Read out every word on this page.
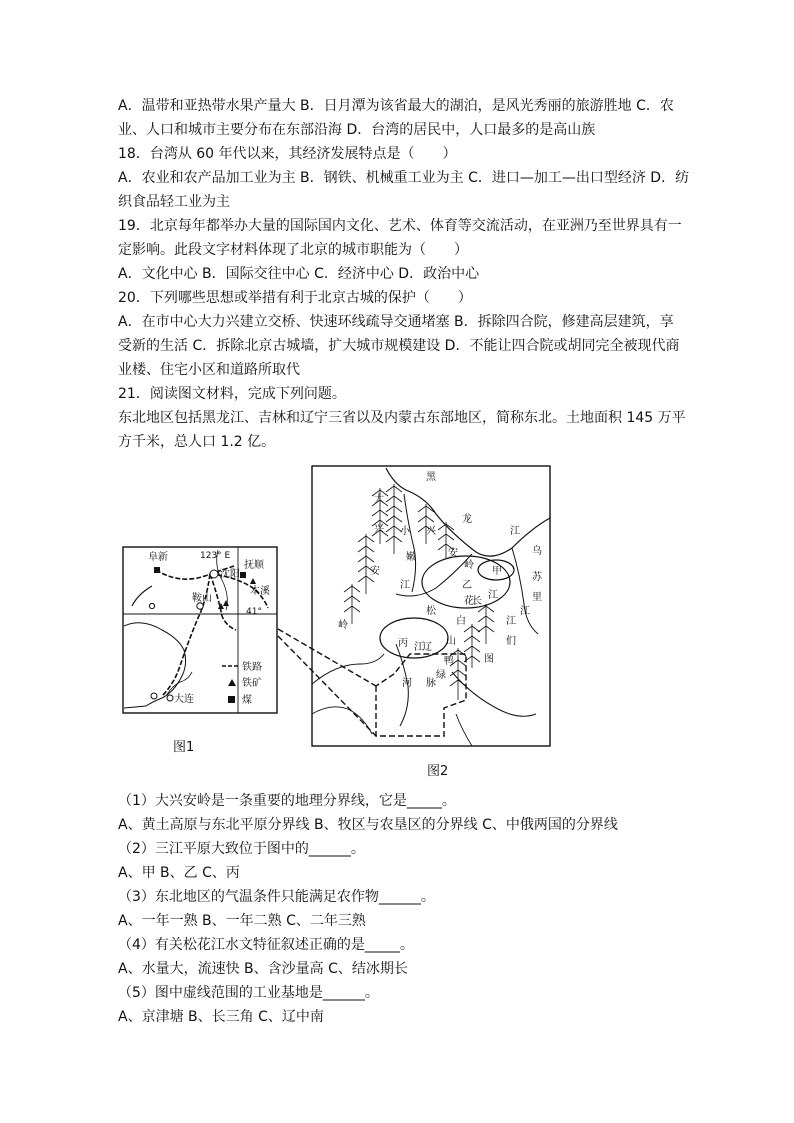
A．温带和亚热带水果产量大 B．日月潭为该省最大的湖泊，是风光秀丽的旅游胜地 C．农
业、人口和城市主要分布在东部沿海 D．台湾的居民中，人口最多的是高山族
18．台湾从 60 年代以来，其经济发展特点是（　　）
A．农业和农产品加工业为主 B．钢铁、机械重工业为主 C．进口—加工—出口型经济 D．纺
织食品轻工业为主
19．北京每年都举办大量的国际国内文化、艺术、体育等交流活动，在亚洲乃至世界具有一
定影响。此段文字材料体现了北京的城市职能为（　　）
A．文化中心 B．国际交往中心 C．经济中心 D．政治中心
20．下列哪些思想或举措有利于北京古城的保护（　　）
A．在市中心大力兴建立交桥、快速环线疏导交通堵塞 B．拆除四合院，修建高层建筑，享
受新的生活 C．拆除北京古城墙，扩大城市规模建设 D．不能让四合院或胡同完全被现代商
业楼、住宅小区和道路所取代
21．阅读图文材料，完成下列问题。
东北地区包括黑龙江、吉林和辽宁三省以及内蒙古东部地区，简称东北。土地面积 145 万平
方千米，总人口 1.2 亿。
阜新	123° E
沈阳
抚顺
本溪
鞍山
41°
大连
铁路
铁矿
煤
图1
乙
甲
丙
大
兴
安
岭
小 兴
安
岭
长
白
山
脉
黑
龙
江
乌
苏
里
江
松
花
江
嫩
江
辽
河
图
们
江
鸭
绿
江
图2
（1）大兴安岭是一条重要的地理分界线，它是_____。
A、黄土高原与东北平原分界线 B、牧区与农垦区的分界线 C、中俄两国的分界线
（2）三江平原大致位于图中的______。
A、甲 B、乙 C、丙
（3）东北地区的气温条件只能满足农作物______。
A、一年一熟 B、一年二熟 C、二年三熟
（4）有关松花江水文特征叙述正确的是_____。
A、水量大，流速快 B、含沙量高 C、结冰期长
（5）图中虚线范围的工业基地是______。
A、京津塘 B、长三角 C、辽中南
